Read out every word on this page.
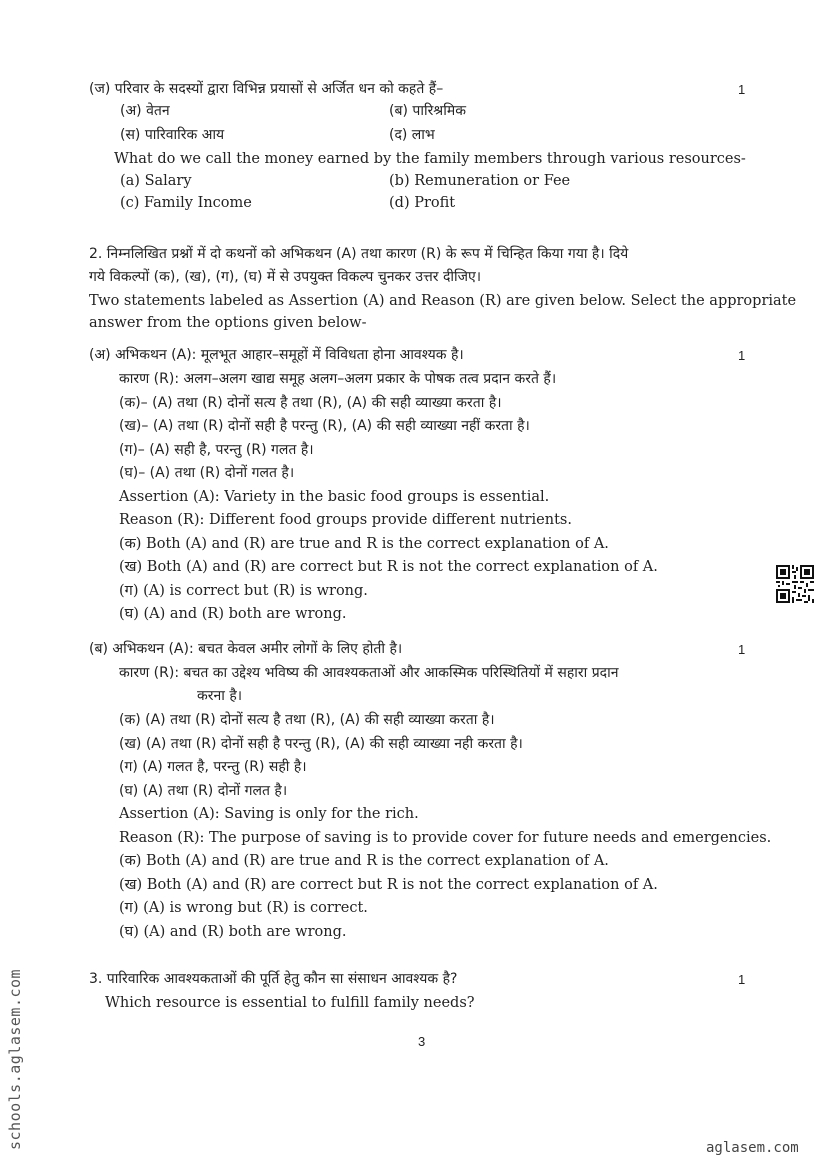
(ज) परिवार के सदस्यों द्वारा विभिन्न प्रयासों से अर्जित धन को कहते हैं–	1
(अ) वेतन	(ब) पारिश्रमिक
(स) पारिवारिक आय	(द) लाभ
What do we call the money earned by the family members through various resources-
(a) Salary	(b) Remuneration or Fee
(c) Family Income	(d) Profit
2. निम्नलिखित प्रश्नों में दो कथनों को अभिकथन (A) तथा कारण (R) के रूप में चिन्हित किया गया है। दिये
गये विकल्पों (क), (ख), (ग), (घ) में से उपयुक्त विकल्प चुनकर उत्तर दीजिए।
Two statements labeled as Assertion (A) and Reason (R) are given below. Select the appropriate
answer from the options given below-
(अ) अभिकथन (A): मूलभूत आहार–समूहों में विविधता होना आवश्यक है।	1
कारण (R): अलग–अलग खाद्य समूह अलग–अलग प्रकार के पोषक तत्व प्रदान करते हैं।
(क)– (A) तथा (R) दोनों सत्य है तथा (R), (A) की सही व्याख्या करता है।
(ख)– (A) तथा (R) दोनों सही है परन्तु (R), (A) की सही व्याख्या नहीं करता है।
(ग)– (A) सही है, परन्तु (R) गलत है।
(घ)– (A) तथा (R) दोनों गलत है।
Assertion (A): Variety in the basic food groups is essential.
Reason (R): Different food groups provide different nutrients.
(क) Both (A) and (R) are true and R is the correct explanation of A.
(ख) Both (A) and (R) are correct but R is not the correct explanation of A.
(ग) (A) is correct but (R) is wrong.
(घ) (A) and (R) both are wrong.
(ब) अभिकथन (A): बचत केवल अमीर लोगों के लिए होती है।	1
कारण (R): बचत का उद्देश्य भविष्य की आवश्यकताओं और आकस्मिक परिस्थितियों में सहारा प्रदान
करना है।
(क) (A) तथा (R) दोनों सत्य है तथा (R), (A) की सही व्याख्या करता है।
(ख) (A) तथा (R) दोनों सही है परन्तु (R), (A) की सही व्याख्या नही करता है।
(ग) (A) गलत है, परन्तु (R) सही है।
(घ) (A) तथा (R) दोनों गलत है।
Assertion (A): Saving is only for the rich.
Reason (R): The purpose of saving is to provide cover for future needs and emergencies.
(क) Both (A) and (R) are true and R is the correct explanation of A.
(ख) Both (A) and (R) are correct but R is not the correct explanation of A.
(ग) (A) is wrong but (R) is correct.
(घ) (A) and (R) both are wrong.
3. पारिवारिक आवश्यकताओं की पूर्ति हेतु कौन सा संसाधन आवश्यक है?	1
Which resource is essential to fulfill family needs?
3
schools.aglasem.com	aglasem.com
